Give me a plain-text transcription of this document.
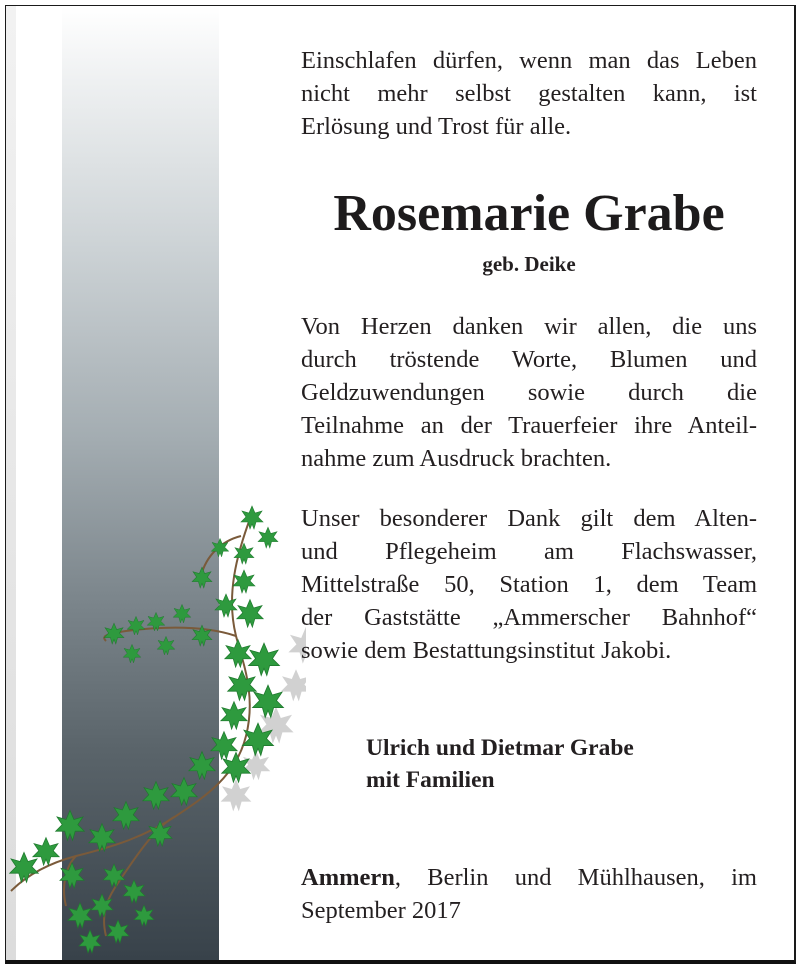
Einschlafen dürfen, wenn man das Leben

nicht mehr selbst gestalten kann, ist

Erlösung und Trost für alle.

Rosemarie Grabe
geb. Deike

Von Herzen danken wir allen, die uns

durch tröstende Worte, Blumen und

Geldzuwendungen sowie durch die

Teilnahme an der Trauerfeier ihre Anteil-

nahme zum Ausdruck brachten.

Unser besonderer Dank gilt dem Alten-

und Pflegeheim am Flachswasser,

Mittelstraße 50, Station 1, dem Team

der Gaststätte „Ammerscher Bahnhof“

sowie dem Bestattungsinstitut Jakobi.

Ulrich und Dietmar Grabe
mit Familien

Ammern, Berlin und Mühlhausen, im

September 2017
